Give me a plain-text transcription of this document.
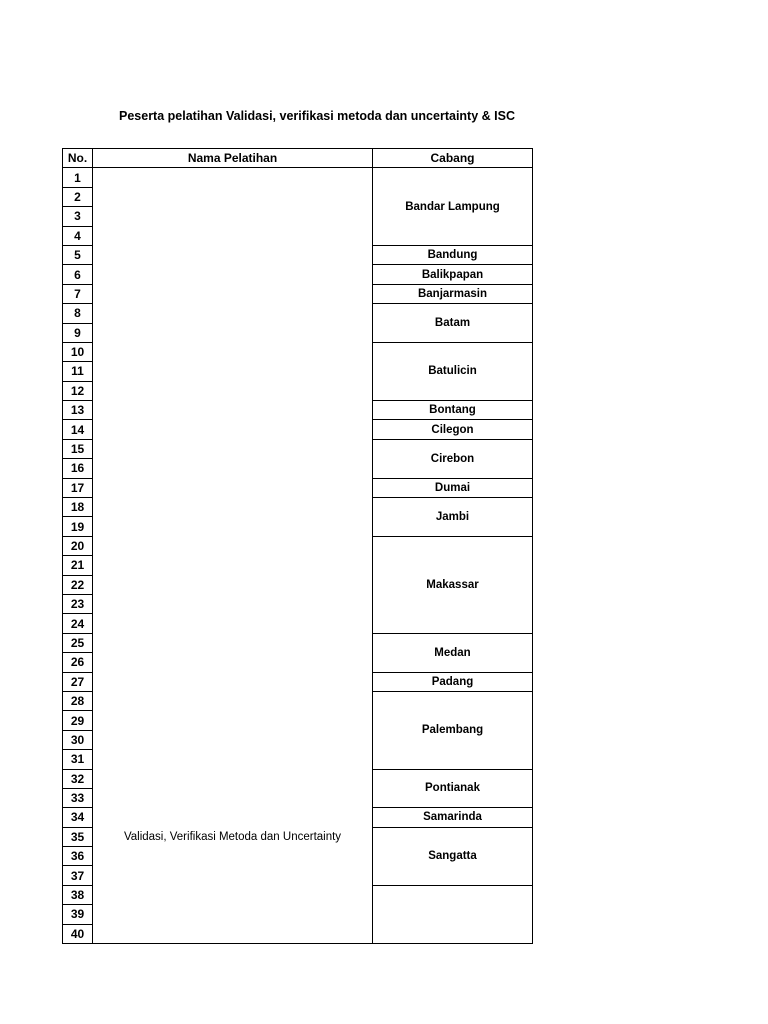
Peserta pelatihan Validasi, verifikasi metoda dan uncertainty & ISC
No.	Nama Pelatihan	Cabang
1	Validasi, Verifikasi Metoda dan Uncertainty	Bandar Lampung
2		
3		
4		
5		Bandung
6		Balikpapan
7		Banjarmasin
8		Batam
9		
10		Batulicin
11		
12		
13		Bontang
14		Cilegon
15		Cirebon
16		
17		Dumai
18		Jambi
19		
20		Makassar
21		
22		
23		
24		
25		Medan
26		
27		Padang
28		Palembang
29		
30		
31		
32		Pontianak
33		
34		Samarinda
35		Sangatta
36		
37		
38		
39		
40		
